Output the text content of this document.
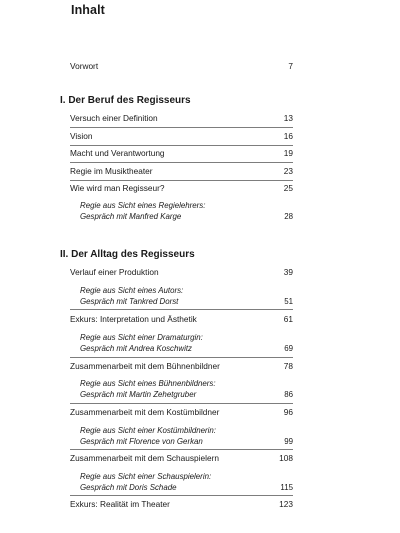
Inhalt
Vorwort	7
I. Der Beruf des Regisseurs
Versuch einer Definition	13
Vision	16
Macht und Verantwortung	19
Regie im Musiktheater	23
Wie wird man Regisseur?	25
Regie aus Sicht eines Regielehrers:
Gespräch mit Manfred Karge	28
II. Der Alltag des Regisseurs
Verlauf einer Produktion	39
Regie aus Sicht eines Autors:
Gespräch mit Tankred Dorst	51
Exkurs: Interpretation und Ästhetik	61
Regie aus Sicht einer Dramaturgin:
Gespräch mit Andrea Koschwitz	69
Zusammenarbeit mit dem Bühnenbildner	78
Regie aus Sicht eines Bühnenbildners:
Gespräch mit Martin Zehetgruber	86
Zusammenarbeit mit dem Kostümbildner	96
Regie aus Sicht einer Kostümbildnerin:
Gespräch mit Florence von Gerkan	99
Zusammenarbeit mit dem Schauspielern	108
Regie aus Sicht einer Schauspielerin:
Gespräch mit Doris Schade	115
Exkurs: Realität im Theater	123
